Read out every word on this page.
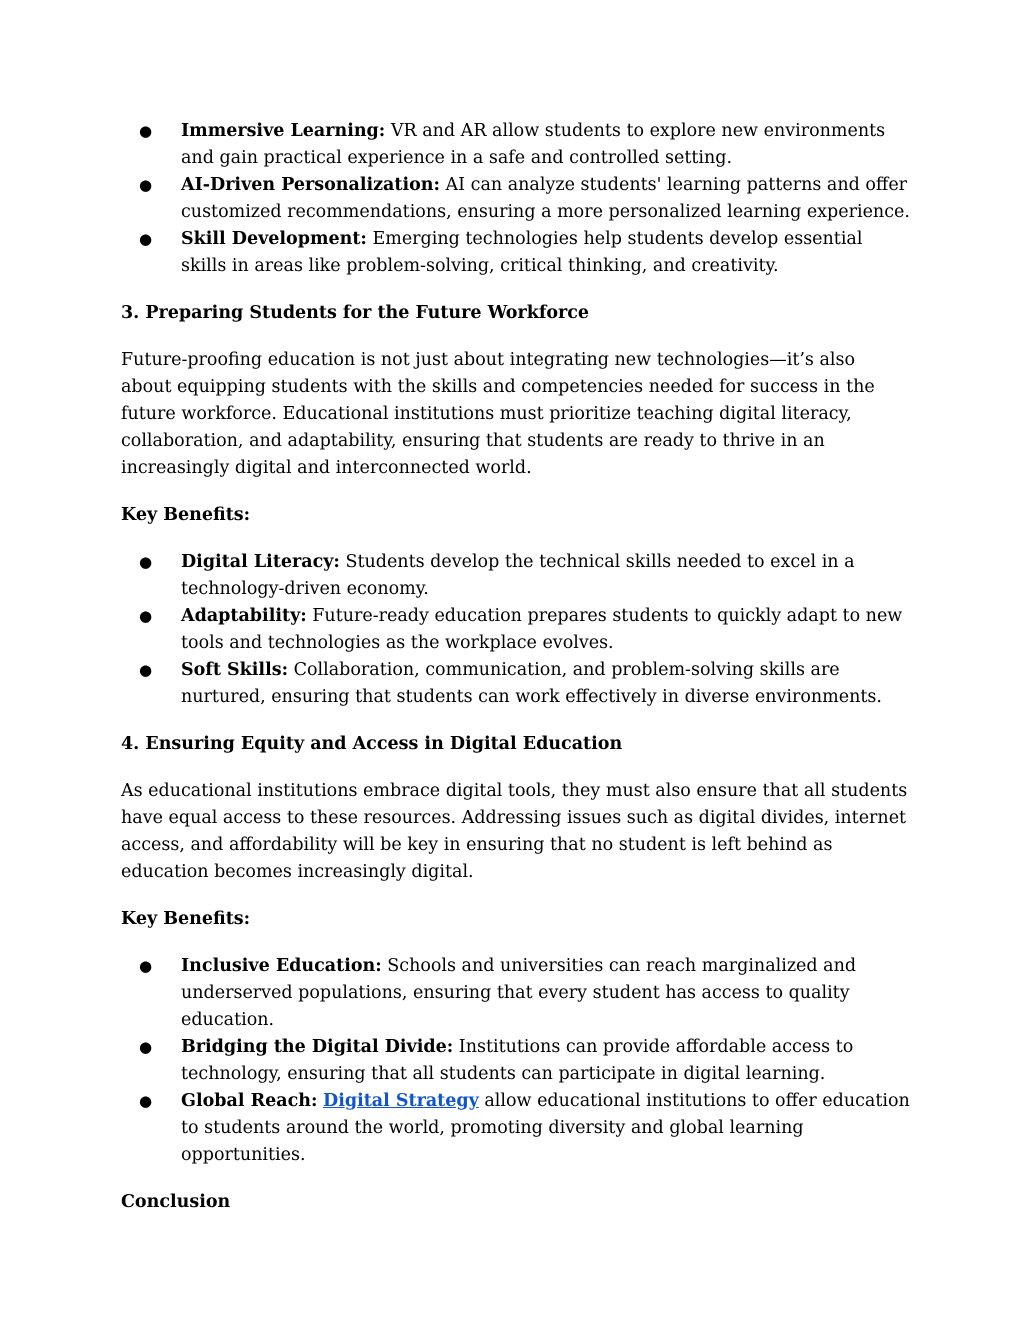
● Immersive Learning: VR and AR allow students to explore new environments and gain practical experience in a safe and controlled setting.
● AI-Driven Personalization: AI can analyze students' learning patterns and offer customized recommendations, ensuring a more personalized learning experience.
● Skill Development: Emerging technologies help students develop essential skills in areas like problem-solving, critical thinking, and creativity.
3. Preparing Students for the Future Workforce

Future-proofing education is not just about integrating new technologies—it’s also about equipping students with the skills and competencies needed for success in the future workforce. Educational institutions must prioritize teaching digital literacy, collaboration, and adaptability, ensuring that students are ready to thrive in an increasingly digital and interconnected world.

Key Benefits:

● Digital Literacy: Students develop the technical skills needed to excel in a technology-driven economy.
● Adaptability: Future-ready education prepares students to quickly adapt to new tools and technologies as the workplace evolves.
● Soft Skills: Collaboration, communication, and problem-solving skills are nurtured, ensuring that students can work effectively in diverse environments.
4. Ensuring Equity and Access in Digital Education

As educational institutions embrace digital tools, they must also ensure that all students have equal access to these resources. Addressing issues such as digital divides, internet access, and affordability will be key in ensuring that no student is left behind as education becomes increasingly digital.

Key Benefits:

● Inclusive Education: Schools and universities can reach marginalized and underserved populations, ensuring that every student has access to quality education.
● Bridging the Digital Divide: Institutions can provide affordable access to technology, ensuring that all students can participate in digital learning.
● Global Reach: Digital Strategy allow educational institutions to offer education to students around the world, promoting diversity and global learning opportunities.
Conclusion
